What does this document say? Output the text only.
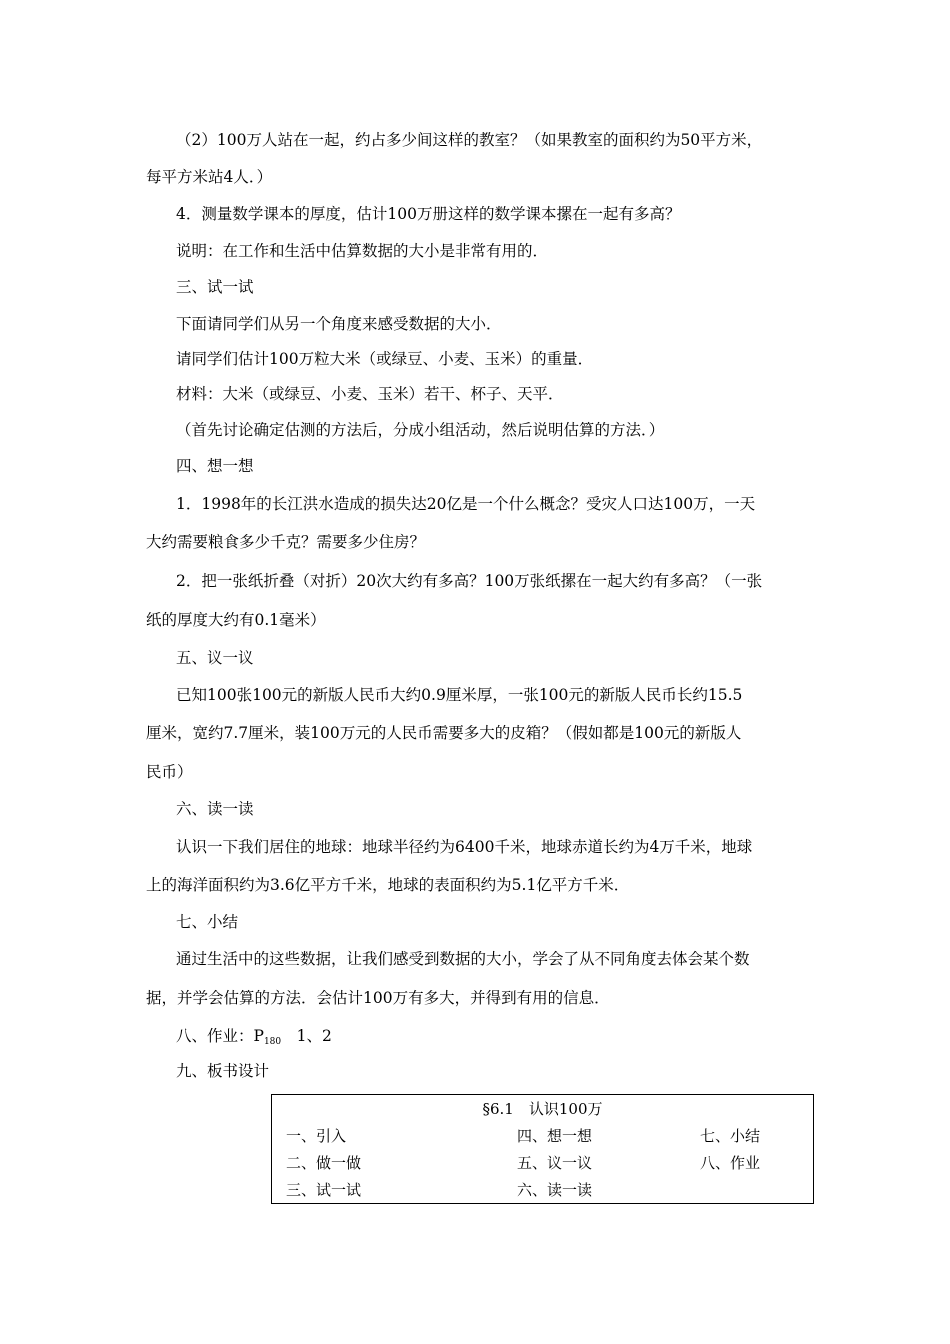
（2）100万人站在一起，约占多少间这样的教室？（如果教室的面积约为50平方米，
每平方米站4人．）
4．测量数学课本的厚度，估计100万册这样的数学课本摞在一起有多高？
说明：在工作和生活中估算数据的大小是非常有用的．
三、试一试
下面请同学们从另一个角度来感受数据的大小．
请同学们估计100万粒大米（或绿豆、小麦、玉米）的重量．
材料：大米（或绿豆、小麦、玉米）若干、杯子、天平．
（首先讨论确定估测的方法后，分成小组活动，然后说明估算的方法．）
四、想一想
1．1998年的长江洪水造成的损失达20亿是一个什么概念？受灾人口达100万，一天
大约需要粮食多少千克？需要多少住房？
2．把一张纸折叠（对折）20次大约有多高？100万张纸摞在一起大约有多高？（一张
纸的厚度大约有0.1毫米）
五、议一议
已知100张100元的新版人民币大约0.9厘米厚，一张100元的新版人民币长约15.5
厘米，宽约7.7厘米，装100万元的人民币需要多大的皮箱？（假如都是100元的新版人
民币）
六、读一读
认识一下我们居住的地球：地球半径约为6400千米，地球赤道长约为4万千米，地球
上的海洋面积约为3.6亿平方千米，地球的表面积约为5.1亿平方千米．
七、小结
通过生活中的这些数据，让我们感受到数据的大小，学会了从不同角度去体会某个数
据，并学会估算的方法．会估计100万有多大，并得到有用的信息．
八、作业：$P_{180}$　1、2
九、板书设计
§6.1　认识100万
一、引入
二、做一做
三、试一试
四、想一想
五、议一议
六、读一读
七、小结
八、作业
